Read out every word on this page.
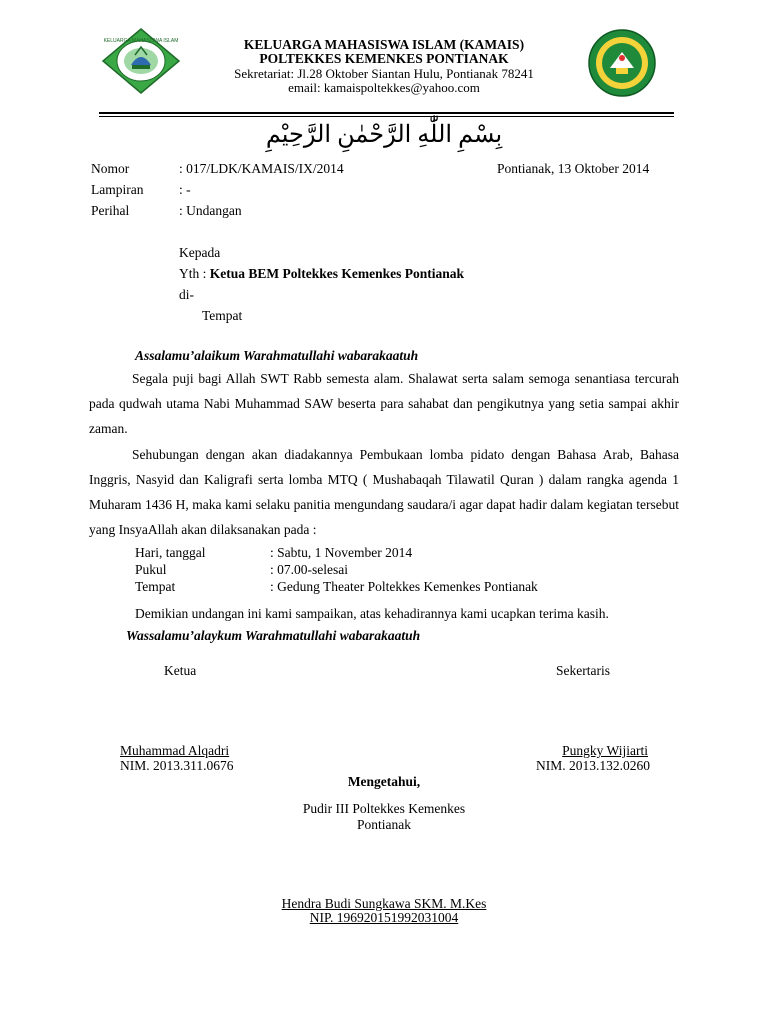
KELUARGA MAHASISWA ISLAM	KELUARGA MAHASISWA ISLAM (KAMAIS)
POLTEKKES KEMENKES PONTIANAK
Sekretariat: Jl.28 Oktober Siantan Hulu, Pontianak 78241
email: kamaispoltekkes@yahoo.com
بِسْمِ اللّٰهِ الرَّحْمٰنِ الرَّحِيْمِ
Nomor	: 017/LDK/KAMAIS/IX/2014	Pontianak, 13 Oktober 2014
Lampiran	: -
Perihal	: Undangan
Kepada
Yth : Ketua BEM Poltekkes Kemenkes Pontianak
di-
Tempat
Assalamu’alaikum Warahmatullahi wabarakaatuh
Segala puji bagi Allah SWT Rabb semesta alam. Shalawat serta salam semoga senantiasa tercurah pada qudwah utama Nabi Muhammad SAW beserta para sahabat dan pengikutnya yang setia sampai akhir zaman.
Sehubungan dengan akan diadakannya Pembukaan lomba pidato dengan Bahasa Arab, Bahasa Inggris, Nasyid dan Kaligrafi serta lomba MTQ ( Mushabaqah Tilawatil Quran ) dalam rangka agenda 1 Muharam 1436 H, maka kami selaku panitia mengundang saudara/i agar dapat hadir dalam kegiatan tersebut yang InsyaAllah akan dilaksanakan pada :
Hari, tanggal	: Sabtu, 1 November 2014
Pukul	: 07.00-selesai
Tempat	: Gedung Theater Poltekkes Kemenkes Pontianak
Demikian undangan ini kami sampaikan, atas kehadirannya kami ucapkan terima kasih.
Wassalamu’alaykum Warahmatullahi wabarakaatuh
Ketua	Sekertaris
Muhammad Alqadri
NIM. 2013.311.0676
Pungky Wijiarti
NIM. 2013.132.0260
Mengetahui,
Pudir III Poltekkes Kemenkes
Pontianak
Hendra Budi Sungkawa SKM. M.Kes
NIP. 196920151992031004
